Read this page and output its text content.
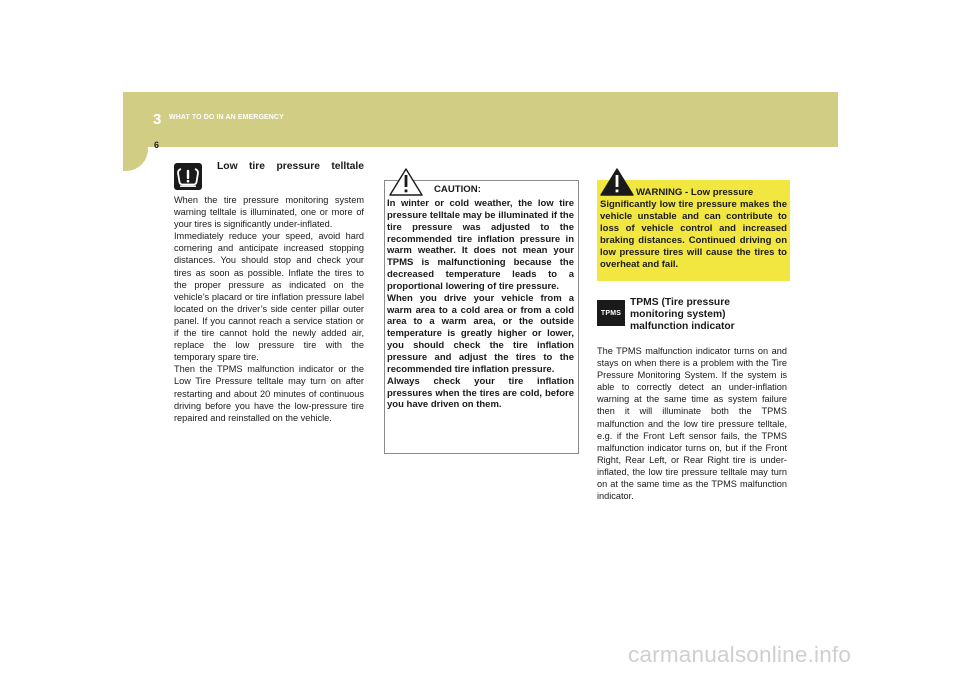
3 WHAT TO DO IN AN EMERGENCY
6
Low tire pressure telltale
When the tire pressure monitoring system warning telltale is illuminated, one or more of your tires is significantly under-inflated.
Immediately reduce your speed, avoid hard cornering and anticipate increased stopping distances. You should stop and check your tires as soon as possible. Inflate the tires to the proper pressure as indicated on the vehicle’s placard or tire inflation pressure label located on the driver’s side center pillar outer panel. If you cannot reach a service station or if the tire cannot hold the newly added air, replace the low pressure tire with the temporary spare tire.
Then the TPMS malfunction indicator or the Low Tire Pressure telltale may turn on after restarting and about 20 minutes of continuous driving before you have the low-pressure tire repaired and reinstalled on the vehicle.
CAUTION:
In winter or cold weather, the low tire pressure telltale may be illuminated if the tire pressure was adjusted to the recommended tire inflation pressure in warm weather. It does not mean your TPMS is malfunctioning because the decreased temperature leads to a proportional lowering of tire pressure.
When you drive your vehicle from a warm area to a cold area or from a cold area to a warm area, or the outside temperature is greatly higher or lower, you should check the tire inflation pressure and adjust the tires to the recommended tire inflation pressure.
Always check your tire inflation pressures when the tires are cold, before you have driven on them.
WARNING - Low pressure
Significantly low tire pressure makes the vehicle unstable and can contribute to loss of vehicle control and increased braking distances. Continued driving on low pressure tires will cause the tires to overheat and fail.
TPMS
TPMS (Tire pressure monitoring system) malfunction indicator
The TPMS malfunction indicator turns on and stays on when there is a problem with the Tire Pressure Monitoring System. If the system is able to correctly detect an under-inflation warning at the same time as system failure then it will illuminate both the TPMS malfunction and the low tire pressure telltale, e.g. if the Front Left sensor fails, the TPMS malfunction indicator turns on, but if the Front Right, Rear Left, or Rear Right tire is under-inflated, the low tire pressure telltale may turn on at the same time as the TPMS malfunction indicator.
carmanualsonline.info
